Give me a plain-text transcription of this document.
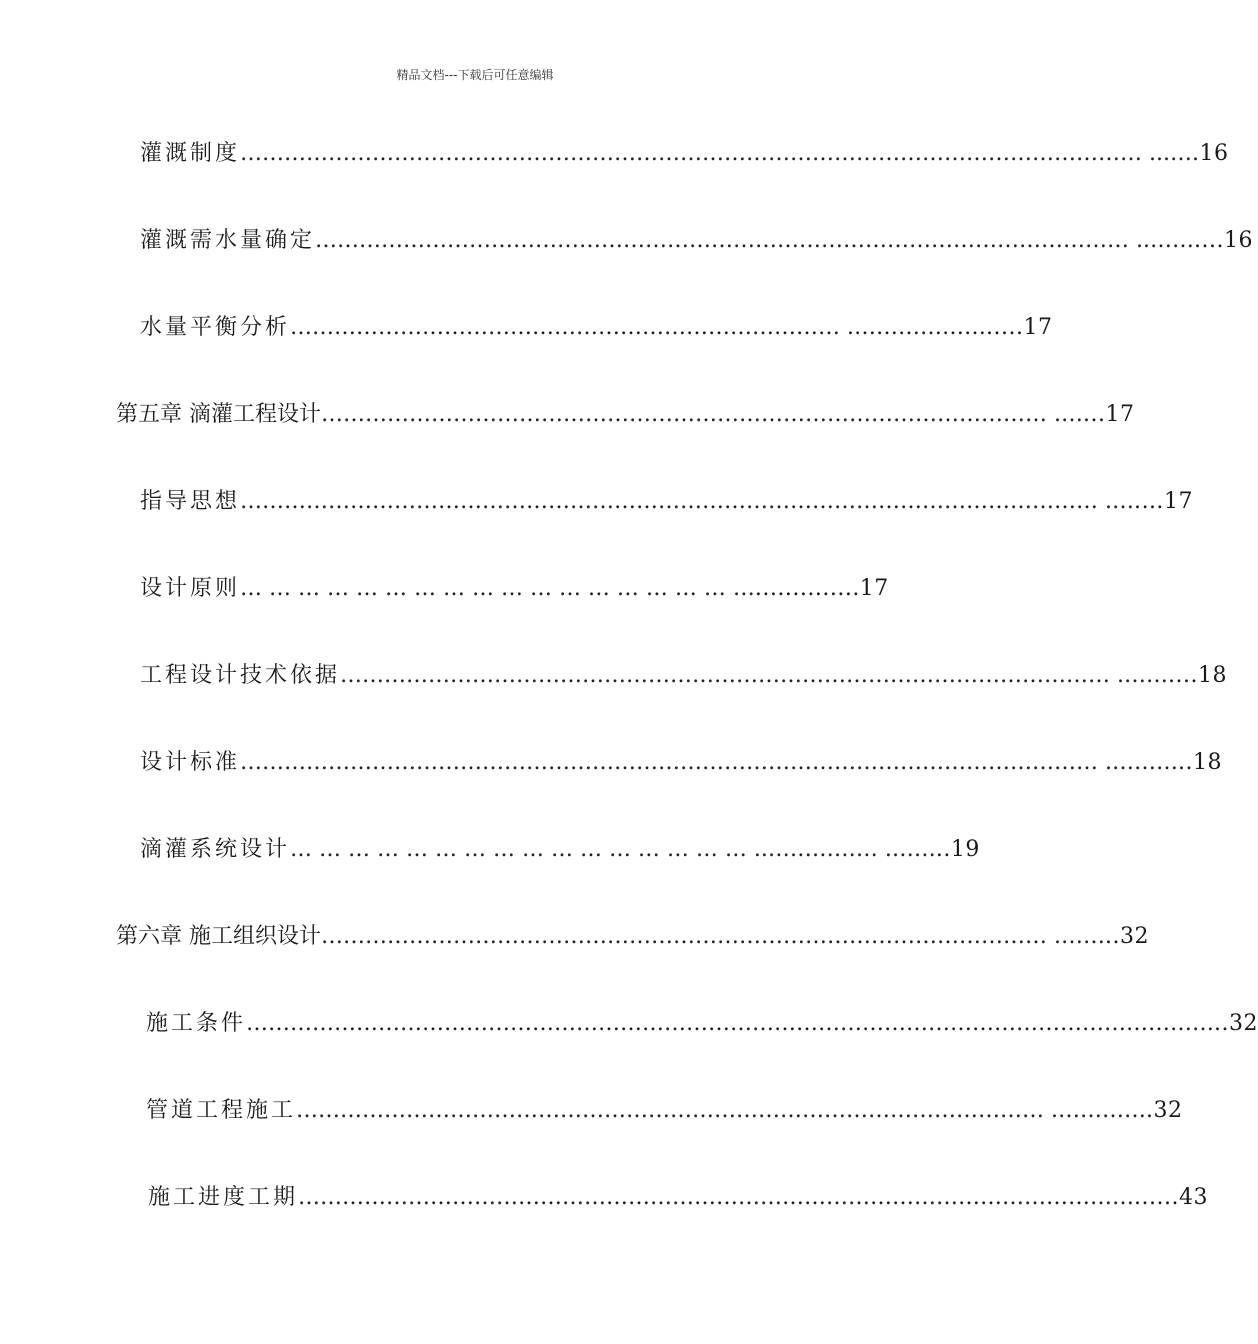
精品文档---下载后可任意编辑
灌溉制度 …………………………………………………………………………………………………………… ...… .16
灌溉需水量确定 ………………………………………………………………………………………………… ..…… ....16
水量平衡分析 ………………………………………………………………… .……………… .....17
第五章 滴灌工程设计 ……………………………………………………………………………………… .… ...17
指导思想 ……………………………………………………………………………………………………… .… .…17
设计原则 … … … … … … … … … … … … … … … … … … ..............17
工程设计技术依据 …………………………………………………………………………………………… .…… ....18
设计标准 ……………………………………………………………………………………………………… .……… ..18
滴灌系统设计 … … … … … … … … … … … … … … … … ..…………… .…… ..19
第六章 施工组织设计 ……………………………………………………………………………………… .…… ..32
施工条件 …………………………………………………………………………………………………………………… ..32
管道工程施工 ………………………………………………………………………………………… .………… .32
施工进度工期 …………………………………………………………………………………………………… ......43
